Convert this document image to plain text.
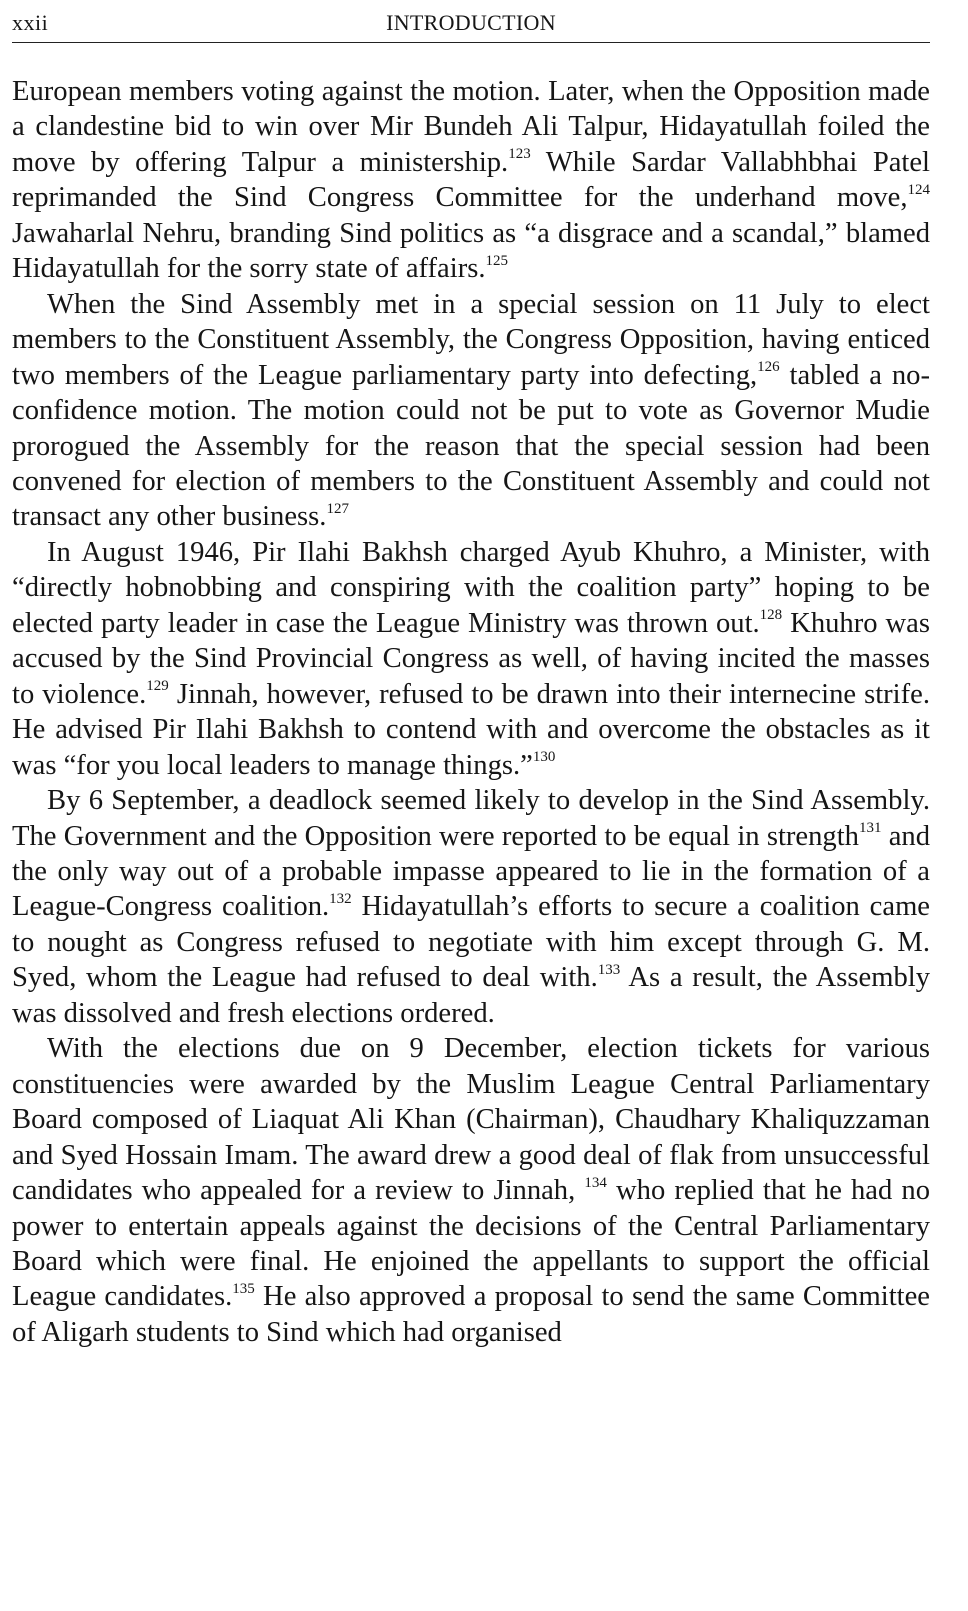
xxii	INTRODUCTION

European members voting against the motion. Later, when the Opposition made a clandestine bid to win over Mir Bundeh Ali Talpur, Hidayatullah foiled the move by offering Talpur a ministership.$^{123}$ While Sardar Vallabhbhai Patel reprimanded the Sind Congress Committee for the underhand move,$^{124}$ Jawaharlal Nehru, branding Sind politics as “a disgrace and a scandal,” blamed Hidayatullah for the sorry state of affairs.$^{125}$

When the Sind Assembly met in a special session on 11 July to elect members to the Constituent Assembly, the Congress Opposition, having enticed two members of the League parliamentary party into defecting,$^{126}$ tabled a no-confidence motion. The motion could not be put to vote as Governor Mudie prorogued the Assembly for the reason that the special session had been convened for election of members to the Constituent Assembly and could not transact any other business.$^{127}$

In August 1946, Pir Ilahi Bakhsh charged Ayub Khuhro, a Minister, with “directly hobnobbing and conspiring with the coalition party” hoping to be elected party leader in case the League Ministry was thrown out.$^{128}$ Khuhro was accused by the Sind Provincial Congress as well, of having incited the masses to violence.$^{129}$ Jinnah, however, refused to be drawn into their internecine strife. He advised Pir Ilahi Bakhsh to contend with and overcome the obstacles as it was “for you local leaders to manage things.”$^{130}$

By 6 September, a deadlock seemed likely to develop in the Sind Assembly. The Government and the Opposition were reported to be equal in strength$^{131}$ and the only way out of a probable impasse appeared to lie in the formation of a League-Congress coalition.$^{132}$ Hidayatullah’s efforts to secure a coalition came to nought as Congress refused to negotiate with him except through G. M. Syed, whom the League had refused to deal with.$^{133}$ As a result, the Assembly was dissolved and fresh elections ordered.

With the elections due on 9 December, election tickets for various constituencies were awarded by the Muslim League Central Parliamentary Board composed of Liaquat Ali Khan (Chairman), Chaudhary Khaliquzzaman and Syed Hossain Imam. The award drew a good deal of flak from unsuccessful candidates who appealed for a review to Jinnah, $^{134}$ who replied that he had no power to entertain appeals against the decisions of the Central Parliamentary Board which were final. He enjoined the appellants to support the official League candidates.$^{135}$ He also approved a proposal to send the same Committee of Aligarh students to Sind which had organised
